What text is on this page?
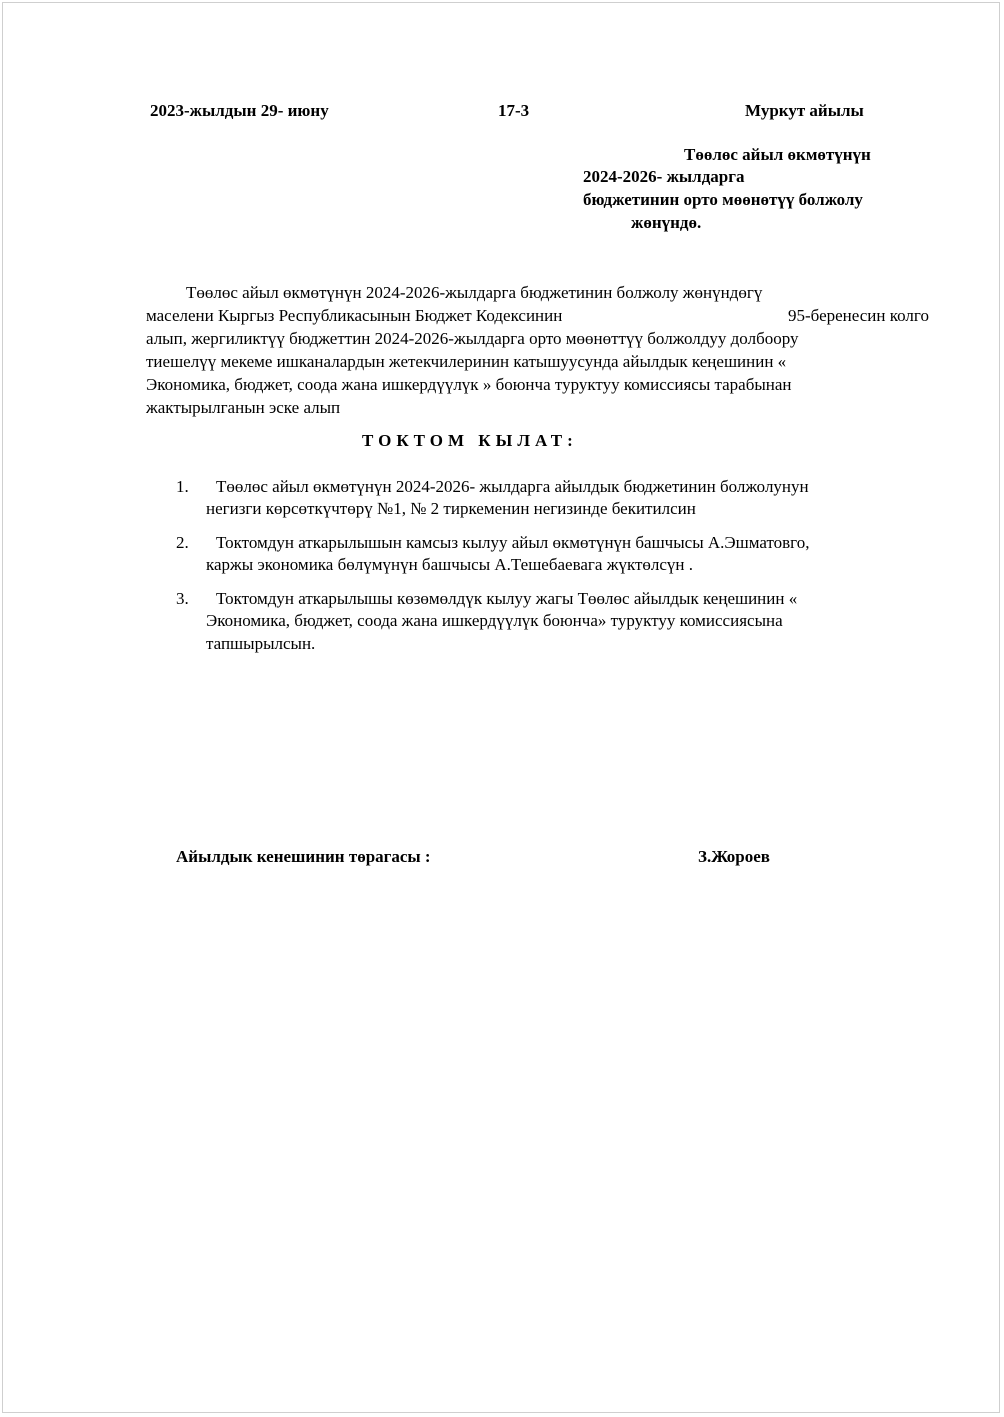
2023-жылдын 29- июну	17-3	Муркут айылы
Төөлөс айыл өкмөтүнүн
2024-2026- жылдарга
бюджетинин орто мөөнөтүү болжолу
жөнүндө.
Төөлөс айыл өкмөтүнүн 2024-2026-жылдарга бюджетинин болжолу жөнүндөгү
маселени Кыргыз Республикасынын Бюджет Кодексинин	95-беренесин колго
алып, жергиликтүү бюджеттин 2024-2026-жылдарга орто мөөнөттүү болжолдуу долбоору
тиешелүү мекеме ишканалардын жетекчилеринин катышуусунда айылдык кеңешинин «
Экономика, бюджет, соода жана ишкердүүлүк » боюнча туруктуу комиссиясы тарабынан
жактырылганын эске алып
ТОКТОМ КЫЛАТ:
1. Төөлөс айыл өкмөтүнүн 2024-2026- жылдарга айылдык бюджетинин болжолунун
негизги көрсөткүчтөрү №1, № 2 тиркеменин негизинде бекитилсин
2. Токтомдун аткарылышын камсыз кылуу айыл өкмөтүнүн башчысы А.Эшматовго,
каржы экономика бөлүмүнүн башчысы А.Тешебаевага жүктөлсүн .
3. Токтомдун аткарылышы көзөмөлдүк кылуу жагы Төөлөс айылдык кеңешинин «
Экономика, бюджет, соода жана ишкердүүлүк боюнча» туруктуу комиссиясына
тапшырылсын.
Айылдык кенешинин төрагасы :	З.Жороев
